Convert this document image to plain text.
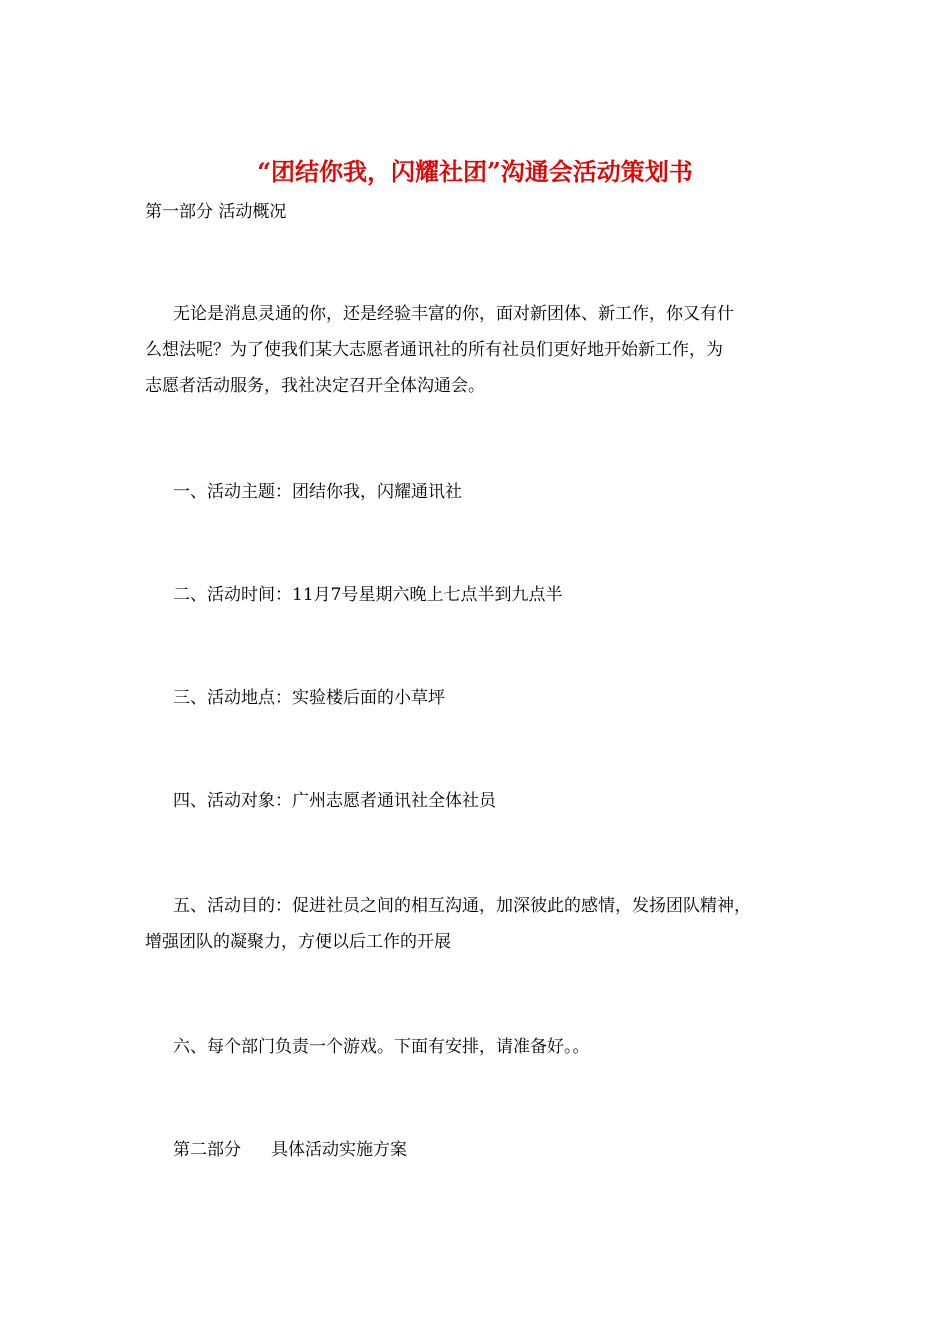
“团结你我，闪耀社团”沟通会活动策划书
第一部分 活动概况
无论是消息灵通的你，还是经验丰富的你，面对新团体、新工作，你又有什
么想法呢？为了使我们某大志愿者通讯社的所有社员们更好地开始新工作，为
志愿者活动服务，我社决定召开全体沟通会。
一、活动主题：团结你我，闪耀通讯社
二、活动时间：11月7号星期六晚上七点半到九点半
三、活动地点：实验楼后面的小草坪
四、活动对象：广州志愿者通讯社全体社员
五、活动目的：促进社员之间的相互沟通，加深彼此的感情，发扬团队精神，
增强团队的凝聚力，方便以后工作的开展
六、每个部门负责一个游戏。下面有安排，请准备好。。
第二部分 具体活动实施方案
